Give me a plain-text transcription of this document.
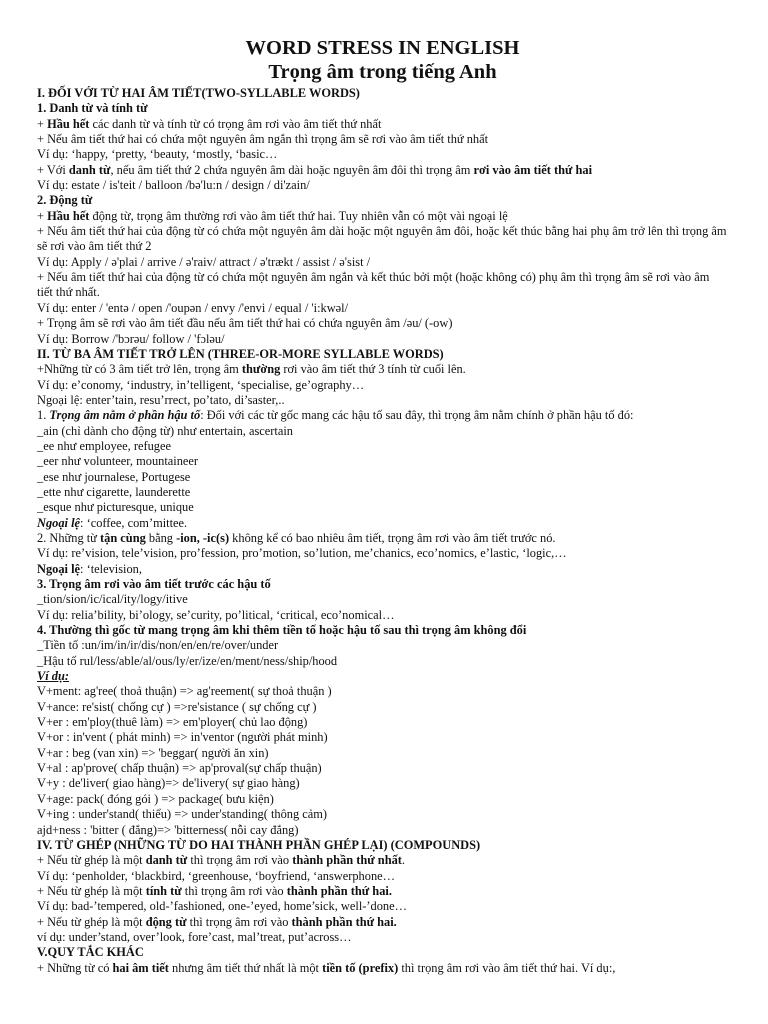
WORD STRESS IN ENGLISH
Trọng âm trong tiếng Anh
I. ĐỐI VỚI TỪ HAI ÂM TIẾT(TWO-SYLLABLE WORDS)
1. Danh từ và tính từ
+ Hầu hết các danh từ và tính từ có trọng âm rơi vào âm tiết thứ nhất
+ Nếu âm tiết thứ hai có chứa một nguyên âm ngắn thì trọng âm sẽ rơi vào âm tiết thứ nhất
Ví dụ: ‘happy, ‘pretty, ‘beauty, ‘mostly, ‘basic…
+ Với danh từ, nếu âm tiết thứ 2 chứa nguyên âm dài hoặc nguyên âm đôi thì trọng âm rơi vào âm tiết thứ hai
Ví dụ: estate / is'teit / balloon /bə'lu:n / design / di'zain/
2. Động từ
+ Hầu hết động từ, trọng âm thường rơi vào âm tiết thứ hai. Tuy nhiên vẫn có một vài ngoại lệ
+ Nếu âm tiết thứ hai của động từ có chứa một nguyên âm dài hoặc một nguyên âm đôi, hoặc kết thúc bằng hai phụ âm trở lên thì trọng âm sẽ rơi vào âm tiết thứ 2
Ví dụ: Apply / ə'plai / arrive / ə'raiv/ attract / ə'trækt / assist / ə'sist /
+ Nếu âm tiết thứ hai của động từ có chứa một nguyên âm ngắn và kết thúc bởi một (hoặc không có) phụ âm thì trọng âm sẽ rơi vào âm tiết thứ nhất.
Ví dụ: enter / 'entə / open /'oupən / envy /'envi / equal / 'i:kwəl/
+ Trọng âm sẽ rơi vào âm tiết đầu nếu âm tiết thứ hai có chứa nguyên âm /əu/ (-ow)
Ví dụ: Borrow /'bɔrəu/ follow / 'fɔləu/
II. TỪ BA ÂM TIẾT TRỞ LÊN (THREE-OR-MORE SYLLABLE WORDS)
+Những từ có 3 âm tiết trở lên, trọng âm thường rơi vào âm tiết thứ 3 tính từ cuối lên.
Ví dụ: e’conomy, ‘industry, in’telligent, ‘specialise, ge’ography…
Ngoại lệ: enter’tain, resu’rrect, po’tato, di’saster,..
1. Trọng âm nằm ở phần hậu tố: Đối với các từ gốc mang các hậu tố sau đây, thì trọng âm nằm chính ở phần hậu tố đó:
_ain (chỉ dành cho động từ) như entertain, ascertain
_ee như employee, refugee
_eer như volunteer, mountaineer
_ese như journalese, Portugese
_ette như cigarette, launderette
_esque như picturesque, unique
Ngoại lệ: ‘coffee, com’mittee.
2. Những từ tận cùng bằng -ion, -ic(s) không kể có bao nhiêu âm tiết, trọng âm rơi vào âm tiết trước nó.
Ví dụ: re’vision, tele’vision, pro’fession, pro’motion, so’lution, me’chanics, eco’nomics, e’lastic, ‘logic,…
Ngoại lệ: ‘television,
3. Trọng âm rơi vào âm tiết trước các hậu tố
_tion/sion/ic/ical/ity/logy/itive
Ví dụ: relia’bility, bi’ology, se’curity, po’litical, ‘critical, eco’nomical…
4. Thường thì gốc từ mang trọng âm khi thêm tiền tố hoặc hậu tố sau thì trọng âm không đổi
_Tiền tố :un/im/in/ir/dis/non/en/en/re/over/under
_Hậu tố rul/less/able/al/ous/ly/er/ize/en/ment/ness/ship/hood
Ví dụ:
V+ment: ag'ree( thoả thuận) => ag'reement( sự thoả thuận )
V+ance: re'sist( chống cự ) =>re'sistance ( sự chống cự )
V+er : em'ploy(thuê làm) => em'ployer( chủ lao động)
V+or : in'vent ( phát minh) => in'ventor (người phát minh)
V+ar : beg (van xin) => 'beggar( người ăn xin)
V+al : ap'prove( chấp thuận) => ap'proval(sự chấp thuận)
V+y : de'liver( giao hàng)=> de'livery( sự giao hàng)
V+age: pack( đóng gói ) => package( bưu kiện)
V+ing : under'stand( thiểu) => under'standing( thông cảm)
ajd+ness : 'bitter ( đắng)=> 'bitterness( nỗi cay đắng)
IV. TỪ GHÉP (NHỮNG TỪ DO HAI THÀNH PHẦN GHÉP LẠI) (COMPOUNDS)
+ Nếu từ ghép là một danh từ thì trọng âm rơi vào thành phần thứ nhất.
Ví dụ: ‘penholder, ‘blackbird, ‘greenhouse, ‘boyfriend, ‘answerphone…
+ Nếu từ ghép là một tính từ thì trọng âm rơi vào thành phần thứ hai.
Ví dụ: bad-’tempered, old-’fashioned, one-’eyed, home’sick, well-’done…
+ Nếu từ ghép là một động từ thì trọng âm rơi vào thành phần thứ hai.
ví dụ: under’stand, over’look, fore’cast, mal’treat, put’across…
V.QUY TẮC KHÁC
+ Những từ có hai âm tiết nhưng âm tiết thứ nhất là một tiền tố (prefix) thì trọng âm rơi vào âm tiết thứ hai. Ví dụ:,
